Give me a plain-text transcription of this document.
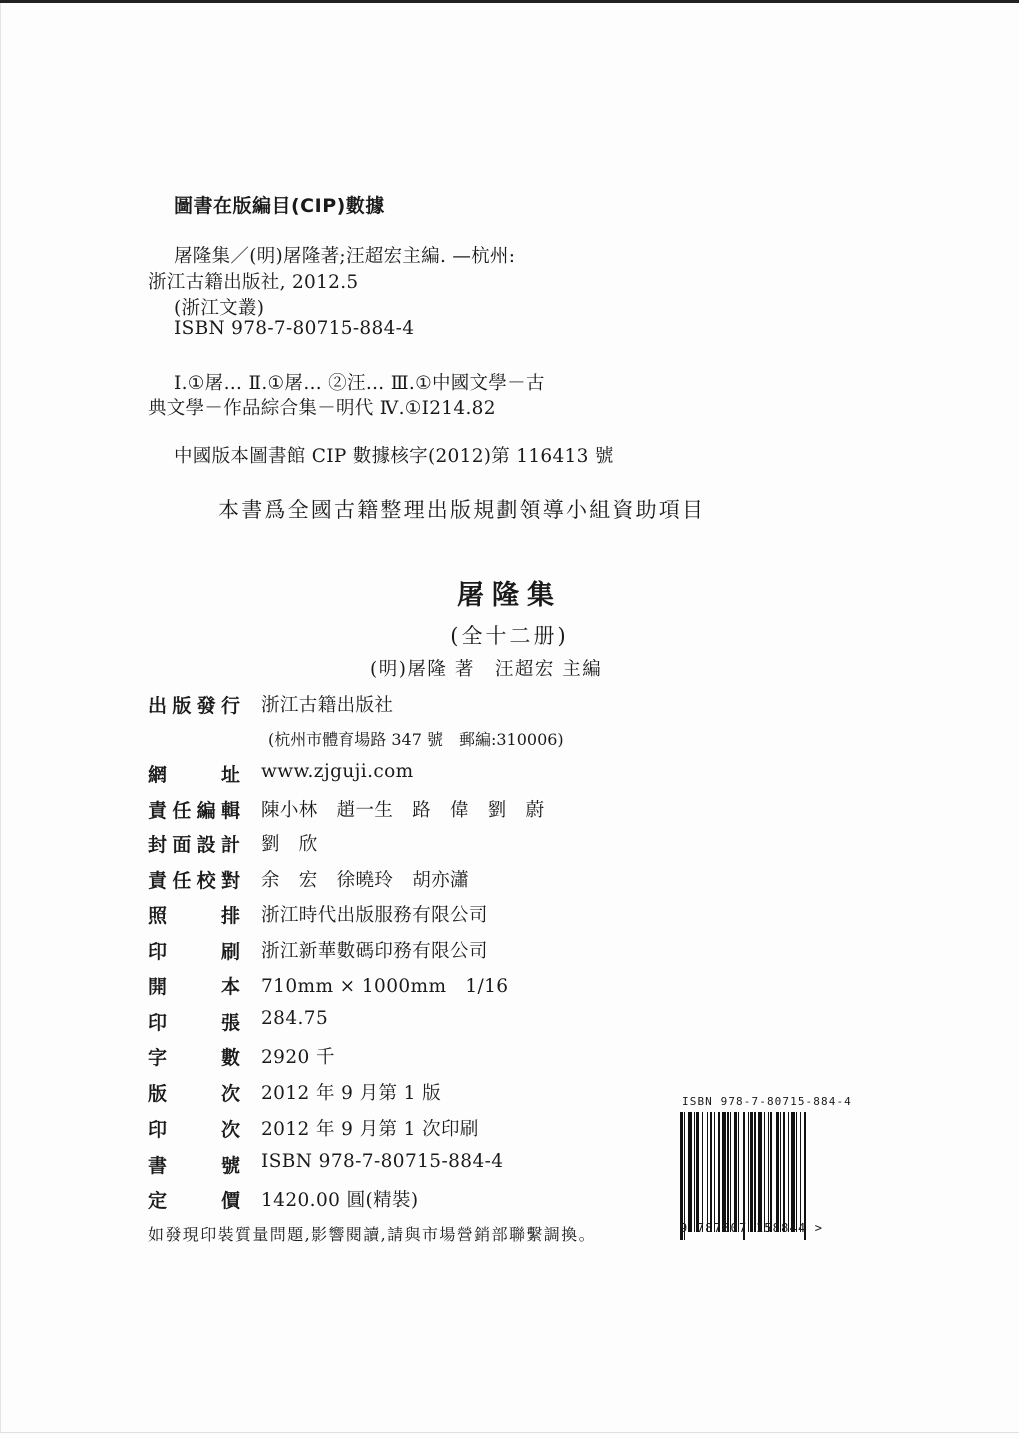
圖書在版編目(CIP)數據
屠隆集／(明)屠隆著;汪超宏主編. —杭州:
浙江古籍出版社, 2012.5
(浙江文叢)
ISBN 978-7-80715-884-4
Ⅰ.①屠… Ⅱ.①屠… ②汪… Ⅲ.①中國文學－古
典文學－作品綜合集－明代 Ⅳ.①I214.82
中國版本圖書館 CIP 數據核字(2012)第 116413 號
本書爲全國古籍整理出版規劃領導小組資助項目
屠隆集
(全十二册)
(明)屠隆 著　汪超宏 主編
出 版 發 行 浙江古籍出版社
(杭州市體育場路 347 號　郵編:310006)
網	址 www.zjguji.com
責 任 編 輯 陳小林　趙一生　路　偉　劉　蔚
封 面 設 計 劉　欣
責 任 校 對 余　宏　徐曉玲　胡亦瀟
照	排 浙江時代出版服務有限公司
印	刷 浙江新華數碼印務有限公司
開	本 710mm × 1000mm　1/16
印	張 284.75
字	數 2920 千
版	次 2012 年 9 月第 1 版
印	次 2012 年 9 月第 1 次印刷
書	號 ISBN 978-7-80715-884-4
定	價 1420.00 圓(精裝)
如發現印裝質量問題,影響閱讀,請與市場營銷部聯繫調換。
ISBN 978-7-80715-884-4
9 787807 158844 >
